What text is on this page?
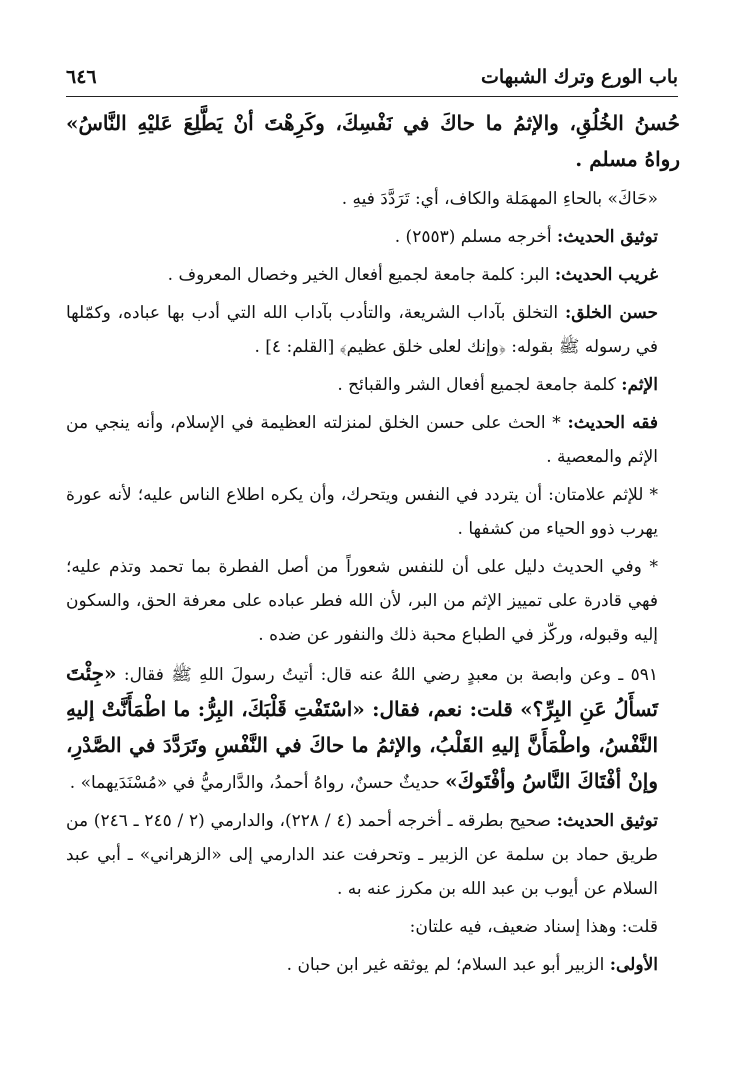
باب الورع وترك الشبهات
٦٤٦

حُسنُ الخُلُقِ، والإثمُ ما حاكَ في نَفْسِكَ، وكَرِهْتَ أنْ يَطَّلِعَ عَليْهِ النَّاسُ» رواهُ مسلم .

«حَاكَ» بالحاءِ المهمَلة والكاف، أي: تَرَدَّدَ فيهِ .

توثيق الحديث: أخرجه مسلم (٢٥٥٣) .

غريب الحديث: البر: كلمة جامعة لجميع أفعال الخير وخصال المعروف .

حسن الخلق: التخلق بآداب الشريعة، والتأدب بآداب الله التي أدب بها عباده، وكمّلها في رسوله ﷺ بقوله: ﴿وإنك لعلى خلق عظيم﴾ [القلم: ٤] .

الإثم: كلمة جامعة لجميع أفعال الشر والقبائح .

فقه الحديث: * الحث على حسن الخلق لمنزلته العظيمة في الإسلام، وأنه ينجي من الإثم والمعصية .

* للإثم علامتان: أن يتردد في النفس ويتحرك، وأن يكره اطلاع الناس عليه؛ لأنه عورة يهرب ذوو الحياء من كشفها .

* وفي الحديث دليل على أن للنفس شعوراً من أصل الفطرة بما تحمد وتذم عليه؛ فهي قادرة على تمييز الإثم من البر، لأن الله فطر عباده على معرفة الحق، والسكون إليه وقبوله، وركّز في الطباع محبة ذلك والنفور عن ضده .

٥٩١ ـ وعن وابصة بن معبدٍ رضي اللهُ عنه قال: أتيتُ رسولَ اللهِ ﷺ فقال: «جِئْتَ تَسأَلُ عَنِ البِرِّ؟» قلت: نعم، فقال: «اسْتَفْتِ قَلْبَكَ، البِرُّ: ما اطْمَأَنَّتْ إليهِ النَّفْسُ، واطْمَأَنَّ إليهِ القَلْبُ، والإثمُ ما حاكَ في النَّفْسِ وتَرَدَّدَ في الصَّدْرِ، وإنْ أفْتَاكَ النَّاسُ وأفْتَوكَ» حديثٌ حسنٌ، رواهُ أحمدُ، والدَّارميُّ في «مُسْنَدَيهما» .

توثيق الحديث: صحيح بطرقه ـ أخرجه أحمد (٤ / ٢٢٨)، والدارمي (٢ / ٢٤٥ ـ ٢٤٦) من طريق حماد بن سلمة عن الزبير ـ وتحرفت عند الدارمي إلى «الزهراني» ـ أبي عبد السلام عن أيوب بن عبد الله بن مكرز عنه به .

قلت: وهذا إسناد ضعيف، فيه علتان:

الأولى: الزبير أبو عبد السلام؛ لم يوثقه غير ابن حبان .
